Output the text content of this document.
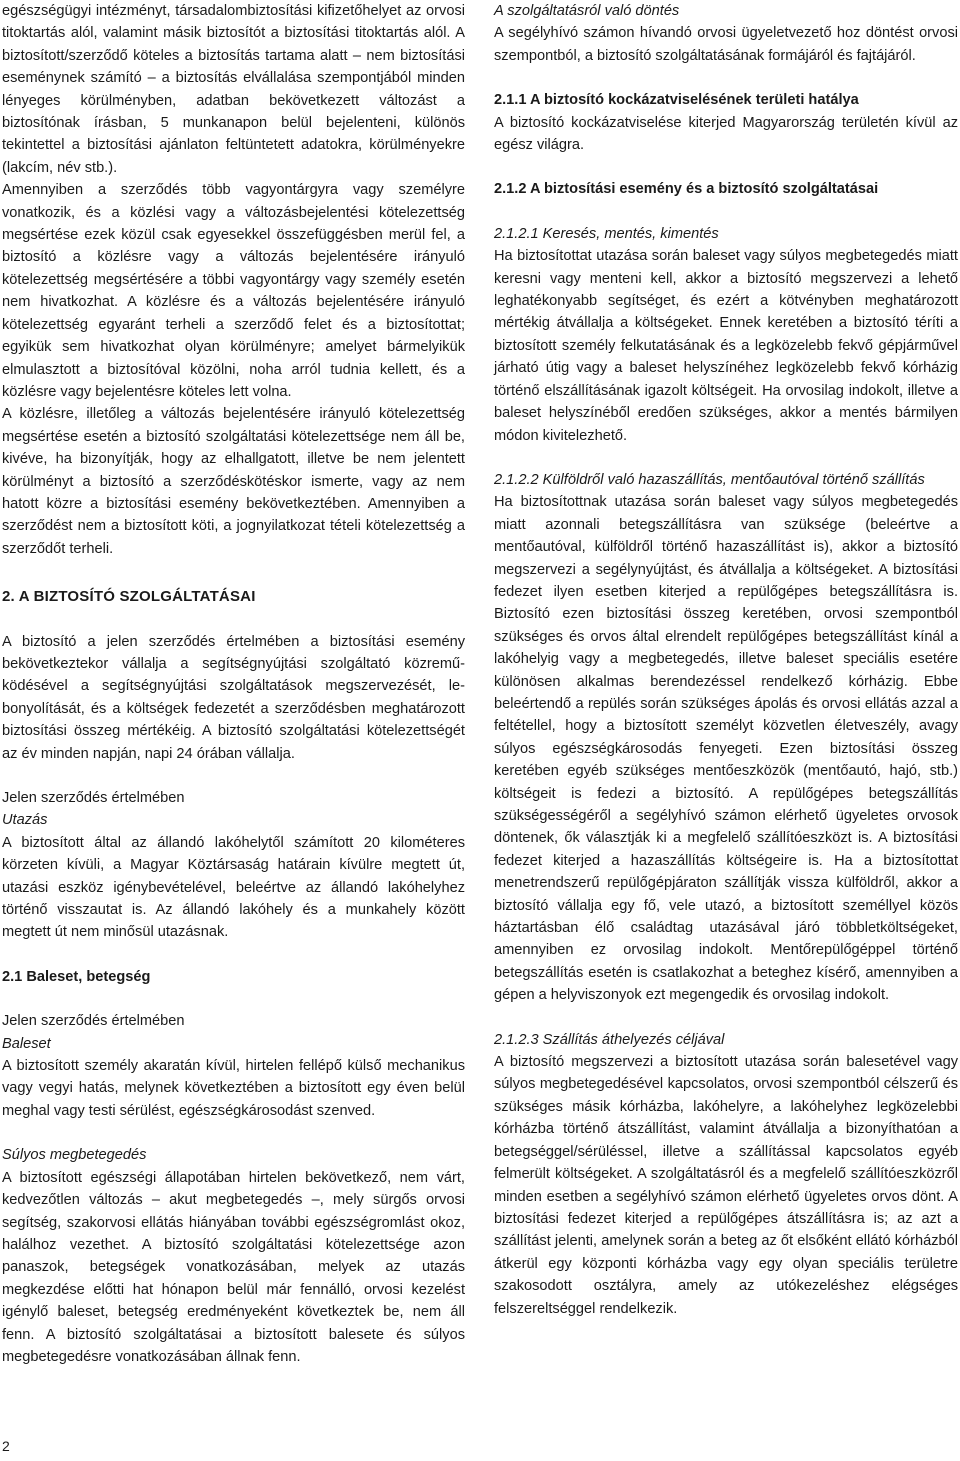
egészségügyi intézményt, társadalombiztosítási kifizetőhelyet az orvosi titoktartás alól, valamint másik biztosítót a biztosítási titoktartás alól. A biztosított/szerződő köteles a biztosítás tartama alatt – nem biztosítási eseménynek számító – a biztosítás elvállalása szempontjából minden lényeges körülményben, adatban bekövetkezett változást a biztosítónak írásban, 5 munkanapon belül bejelenteni, különös tekintettel a biztosítási ajánlaton feltüntetett adatokra, körülményekre (lakcím, név stb.).

Amennyiben a szerződés több vagyontárgyra vagy személyre vonatkozik, és a közlési vagy a változásbejelentési kötelezettség megsértése ezek közül csak egyesekkel összefüggésben merül fel, a biztosító a közlésre vagy a változás bejelentésére irányuló kötelezettség megsértésére a többi vagyontárgy vagy személy esetén nem hivatkozhat. A közlésre és a változás bejelentésére irányuló kötelezettség egyaránt terheli a szerződő felet és a biztosítottat; egyikük sem hivatkozhat olyan körülményre; amelyet bármelyikük elmulasztott a biztosítóval közölni, noha arról tudnia kellett, és a közlésre vagy bejelentésre köteles lett volna.

A közlésre, illetőleg a változás bejelentésére irányuló kötelezettség megsértése esetén a biztosító szolgáltatási kötelezettsége nem áll be, kivéve, ha bizonyítják, hogy az elhallgatott, illetve be nem jelentett körülményt a biztosító a szerződéskötéskor ismerte, vagy az nem hatott közre a biztosítási esemény bekövetkeztében. Amennyiben a szerződést nem a biztosított köti, a jognyilatkozat tételi kötelezettség a szerződőt terheli.

2. A BIZTOSÍTÓ SZOLGÁLTATÁSAI

A biztosító a jelen szerződés értelmében a biztosítási esemény bekövetkeztekor vállalja a segítségnyújtási szolgáltató közreműködésével a segítségnyújtási szolgáltatások megszervezését, lebonyolítását, és a költségek fedezetét a szerződésben meghatározott biztosítási összeg mértékéig. A biztosító szolgáltatási kötelezettségét az év minden napján, napi 24 órában vállalja.

Jelen szerződés értelmében

Utazás

A biztosított által az állandó lakóhelytől számított 20 kilométeres körzeten kívüli, a Magyar Köztársaság határain kívülre megtett út, utazási eszköz igénybevételével, beleértve az állandó lakóhelyhez történő visszautat is. Az állandó lakóhely és a munkahely között megtett út nem minősül utazásnak.

2.1 Baleset, betegség

Jelen szerződés értelmében

Baleset

A biztosított személy akaratán kívül, hirtelen fellépő külső mechanikus vagy vegyi hatás, melynek következtében a biztosított egy éven belül meghal vagy testi sérülést, egészségkárosodást szenved.

Súlyos megbetegedés

A biztosított egészségi állapotában hirtelen bekövetkező, nem várt, kedvezőtlen változás – akut megbetegedés –, mely sürgős orvosi segítség, szakorvosi ellátás hiányában további egészségromlást okoz, halálhoz vezethet. A biztosító szolgáltatási kötelezettsége azon panaszok, betegségek vonatkozásában, melyek az utazás megkezdése előtti hat hónapon belül már fennálló, orvosi kezelést igénylő baleset, betegség eredményeként következtek be, nem áll fenn. A biztosító szolgáltatásai a biztosított balesete és súlyos megbetegedésre vonatkozásában állnak fenn.

A szolgáltatásról való döntés

A segélyhívó számon hívandó orvosi ügyeletvezető hoz döntést orvosi szempontból, a biztosító szolgáltatásának formájáról és fajtájáról.

2.1.1 A biztosító kockázatviselésének területi hatálya

A biztosító kockázatviselése kiterjed Magyarország területén kívül az egész világra.

2.1.2 A biztosítási esemény és a biztosító szolgáltatásai

2.1.2.1 Keresés, mentés, kimentés

Ha biztosítottat utazása során baleset vagy súlyos megbetegedés miatt keresni vagy menteni kell, akkor a biztosító megszervezi a lehető leghatékonyabb segítséget, és ezért a kötvényben meghatározott mértékig átvállalja a költségeket. Ennek keretében a biztosító téríti a biztosított személy felkutatásának és a legközelebb fekvő gépjárművel járható útig vagy a baleset helyszínéhez legközelebb fekvő kórházig történő elszállításának igazolt költségeit. Ha orvosilag indokolt, illetve a baleset helyszínéből eredően szükséges, akkor a mentés bármilyen módon kivitelezhető.

2.1.2.2 Külföldről való hazaszállítás, mentőautóval történő szállítás

Ha biztosítottnak utazása során baleset vagy súlyos megbetegedés miatt azonnali betegszállításra van szüksége (beleértve a mentőautóval, külföldről történő hazaszállítást is), akkor a biztosító megszervezi a segélynyújtást, és átvállalja a költségeket. A biztosítási fedezet ilyen esetben kiterjed a repülőgépes betegszállításra is. Biztosító ezen biztosítási összeg keretében, orvosi szempontból szükséges és orvos által elrendelt repülőgépes betegszállítást kínál a lakóhelyig vagy a megbetegedés, illetve baleset speciális esetére különösen alkalmas berendezéssel rendelkező kórházig. Ebbe beleértendő a repülés során szükséges ápolás és orvosi ellátás azzal a feltétellel, hogy a biztosított személyt közvetlen életveszély, avagy súlyos egészségkárosodás fenyegeti. Ezen biztosítási összeg keretében egyéb szükséges mentőeszközök (mentőautó, hajó, stb.) költségeit is fedezi a biztosító. A repülőgépes betegszállítás szükségességéről a segélyhívó számon elérhető ügyeletes orvosok döntenek, ők választják ki a megfelelő szállítóeszközt is. A biztosítási fedezet kiterjed a hazaszállítás költségeire is. Ha a biztosítottat menetrendszerű repülőgépjáraton szállítják vissza külföldről, akkor a biztosító vállalja egy fő, vele utazó, a biztosított személlyel közös háztartásban élő családtag utazásával járó többletköltségeket, amennyiben ez orvosilag indokolt. Mentőrepülőgéppel történő betegszállítás esetén is csatlakozhat a beteghez kísérő, amennyiben a gépen a helyviszonyok ezt megengedik és orvosilag indokolt.

2.1.2.3 Szállítás áthelyezés céljával

A biztosító megszervezi a biztosított utazása során balesetével vagy súlyos megbetegedésével kapcsolatos, orvosi szempontból célszerű és szükséges másik kórházba, lakóhelyre, a lakóhelyhez legközelebbi kórházba történő átszállítást, valamint átvállalja a bizonyíthatóan a betegséggel/sérüléssel, illetve a szállítással kapcsolatos egyéb felmerült költségeket. A szolgáltatásról és a megfelelő szállítóeszközről minden esetben a segélyhívó számon elérhető ügyeletes orvos dönt. A biztosítási fedezet kiterjed a repülőgépes átszállításra is; az azt a szállítást jelenti, amelynek során a beteg az őt elsőként ellátó kórházból átkerül egy központi kórházba vagy egy olyan speciális területre szakosodott osztályra, amely az utókezeléshez elégséges felszereltséggel rendelkezik.

2
